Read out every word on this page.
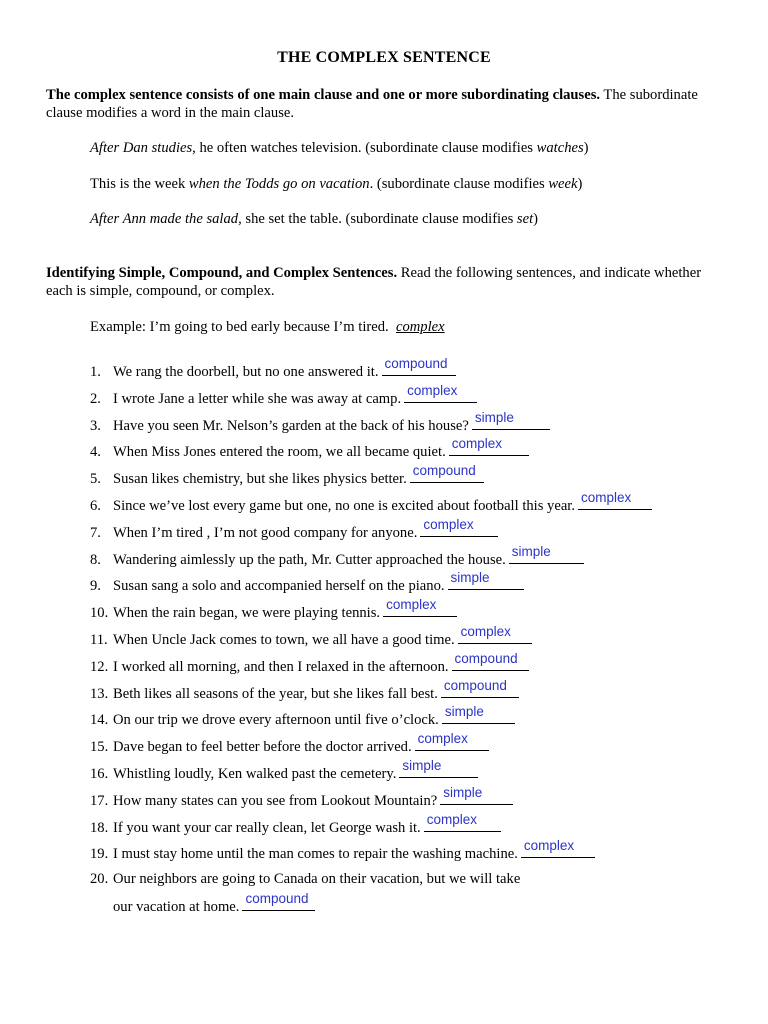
THE COMPLEX SENTENCE
The complex sentence consists of one main clause and one or more subordinating clauses. The subordinate
clause modifies a word in the main clause.
After Dan studies, he often watches television. (subordinate clause modifies watches)
This is the week when the Todds go on vacation. (subordinate clause modifies week)
After Ann made the salad, she set the table. (subordinate clause modifies set)
Identifying Simple, Compound, and Complex Sentences. Read the following sentences, and indicate whether
each is simple, compound, or complex.
Example: I’m going to bed early because I’m tired. complex
1. We rang the doorbell, but no one answered it.
compound
2. I wrote Jane a letter while she was away at camp.
complex
3. Have you seen Mr. Nelson’s garden at the back of his house?
simple
4. When Miss Jones entered the room, we all became quiet.
complex
5. Susan likes chemistry, but she likes physics better.
compound
6. Since we’ve lost every game but one, no one is excited about football this year.
complex
7. When I’m tired , I’m not good company for anyone.
complex
8. Wandering aimlessly up the path, Mr. Cutter approached the house.
simple
9. Susan sang a solo and accompanied herself on the piano.
simple
10. When the rain began, we were playing tennis.
complex
11. When Uncle Jack comes to town, we all have a good time.
complex
12. I worked all morning, and then I relaxed in the afternoon.
compound
13. Beth likes all seasons of the year, but she likes fall best.
compound
14. On our trip we drove every afternoon until five o’clock.
simple
15. Dave began to feel better before the doctor arrived.
complex
16. Whistling loudly, Ken walked past the cemetery.
simple
17. How many states can you see from Lookout Mountain?
simple
18. If you want your car really clean, let George wash it.
complex
19. I must stay home until the man comes to repair the washing machine.
complex
20. Our neighbors are going to Canada on their vacation, but we will take
our vacation at home.
compound
